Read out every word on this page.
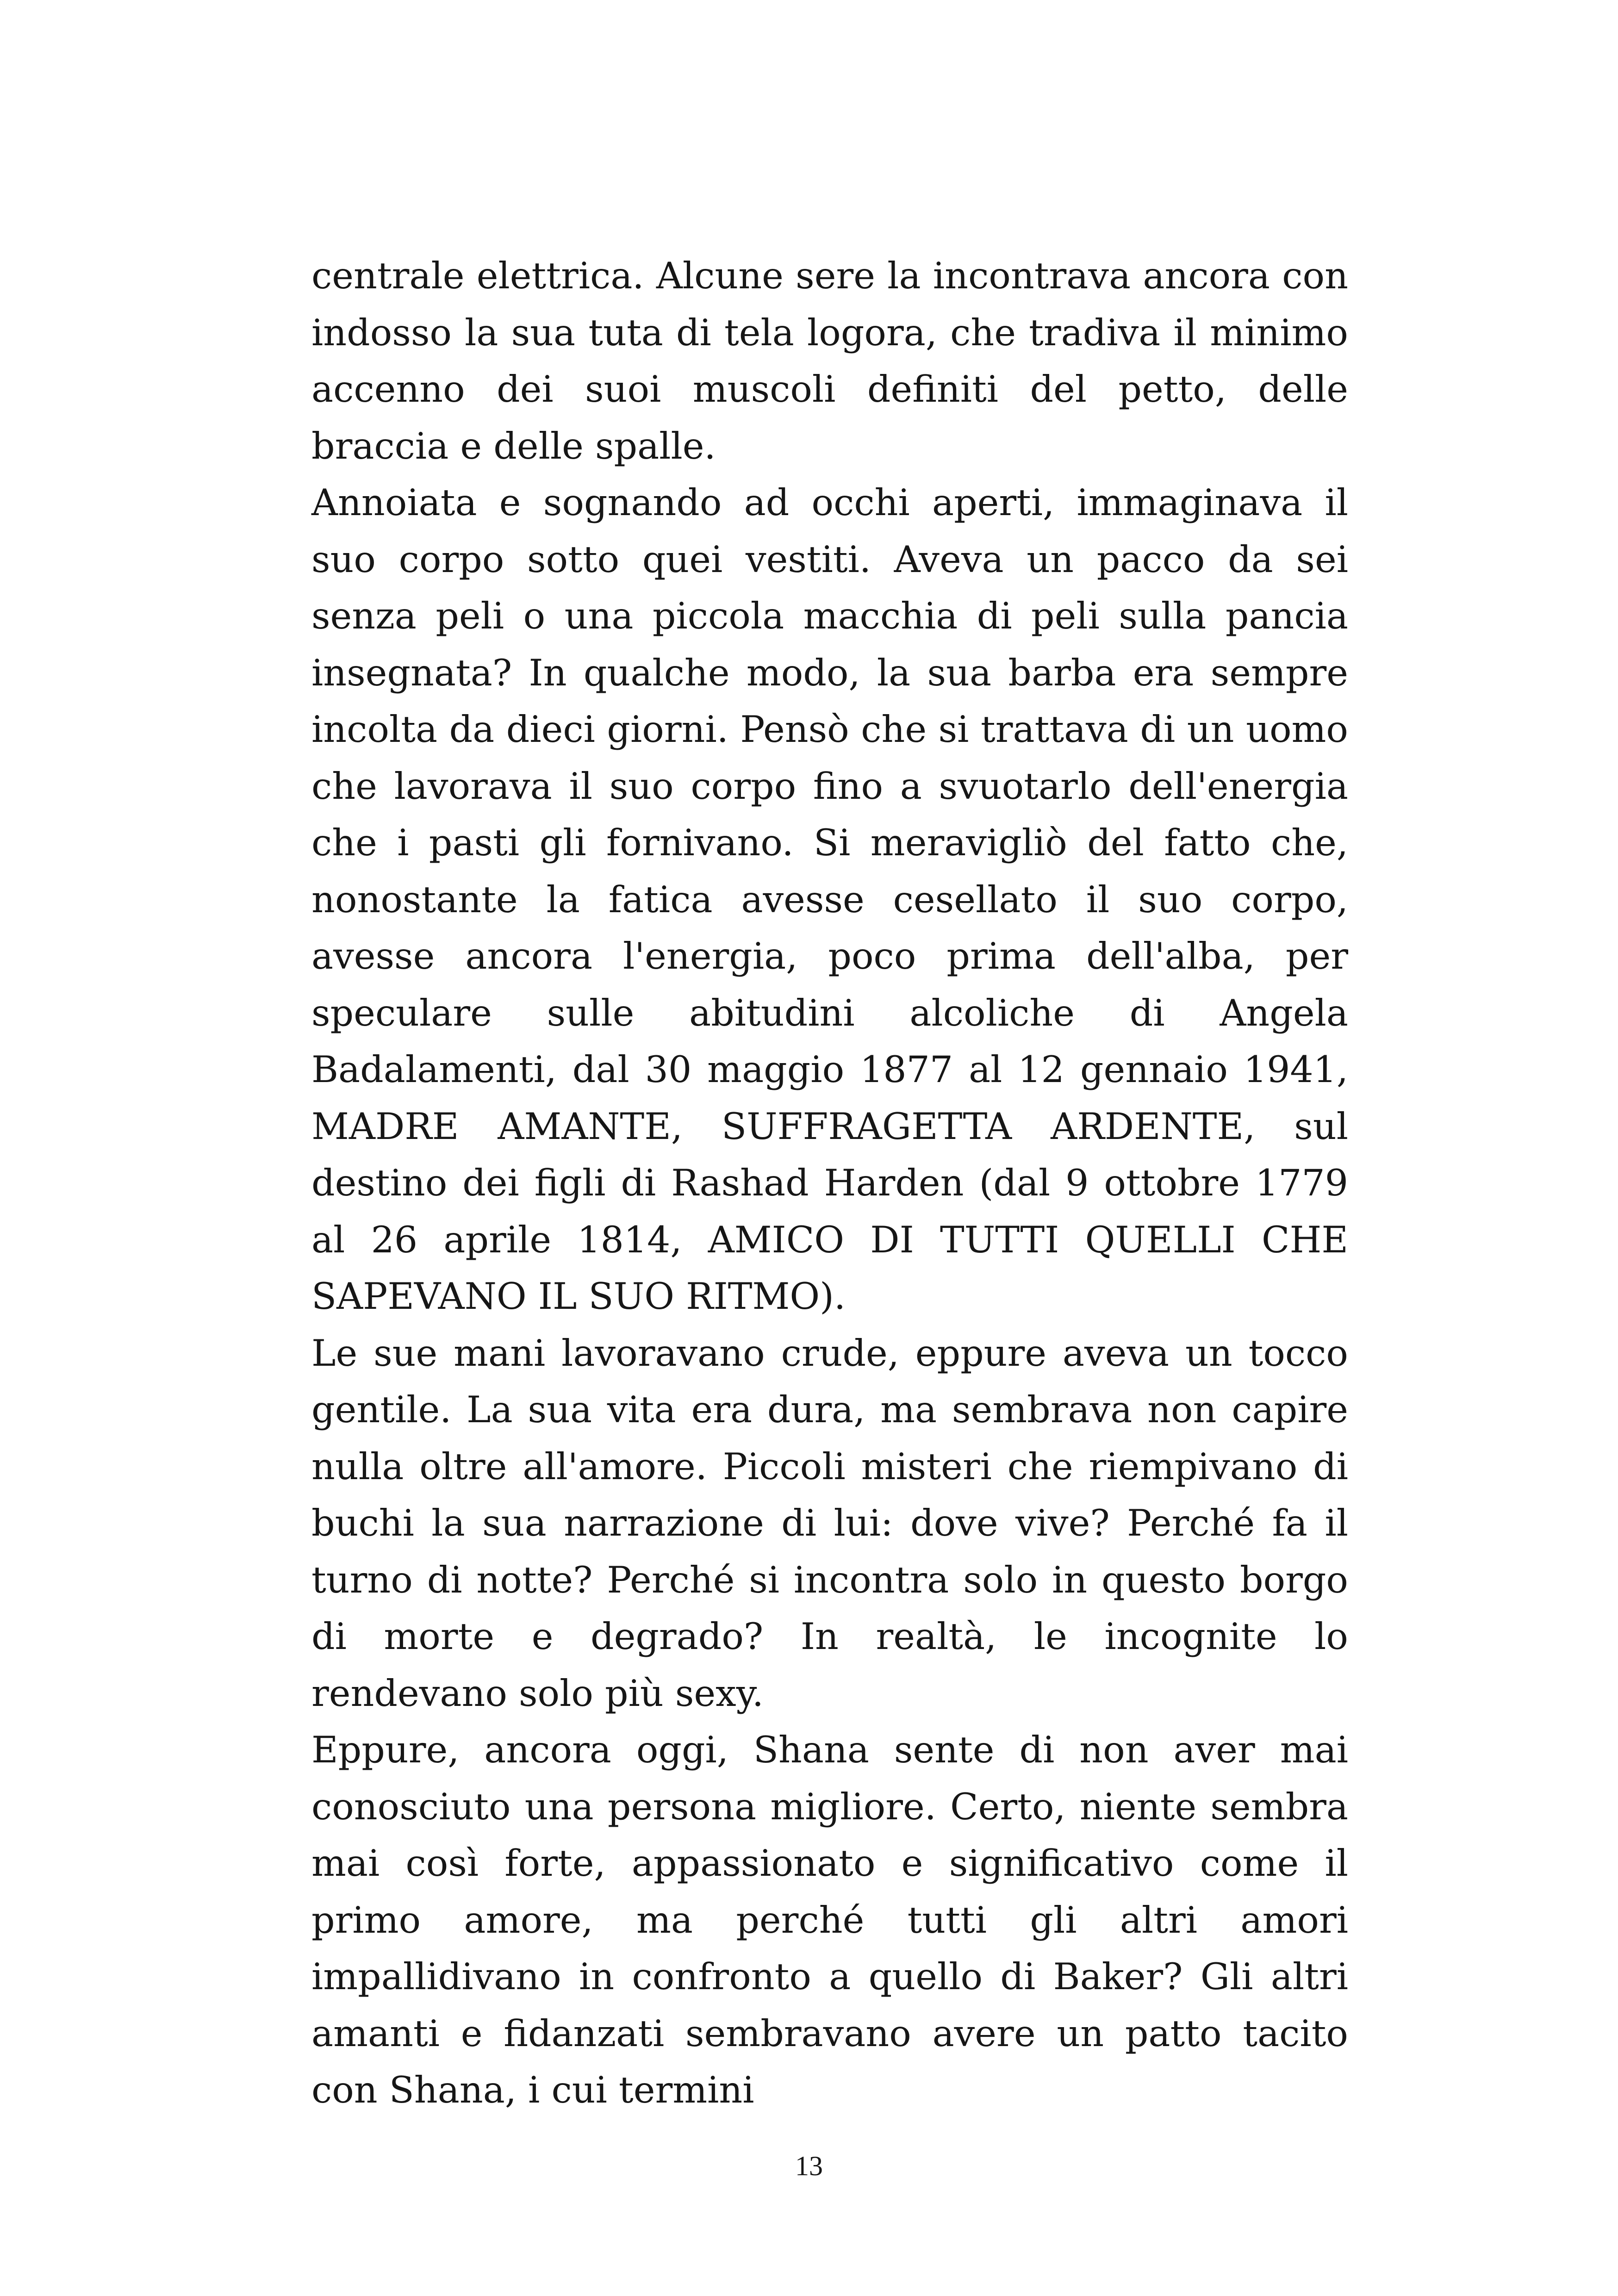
centrale elettrica. Alcune sere la incontrava ancora con indosso la sua tuta di tela logora, che tradiva il minimo accenno dei suoi muscoli definiti del petto, delle braccia e delle spalle.

Annoiata e sognando ad occhi aperti, immaginava il suo corpo sotto quei vestiti. Aveva un pacco da sei senza peli o una piccola macchia di peli sulla pancia insegnata? In qualche modo, la sua barba era sempre incolta da dieci giorni. Pensò che si trattava di un uomo che lavorava il suo corpo fino a svuotarlo dell'energia che i pasti gli fornivano. Si meravigliò del fatto che, nonostante la fatica avesse cesellato il suo corpo, avesse ancora l'energia, poco prima dell'alba, per speculare sulle abitudini alcoliche di Angela Badalamenti, dal 30 maggio 1877 al 12 gennaio 1941, MADRE AMANTE, SUFFRAGETTA ARDENTE, sul destino dei figli di Rashad Harden (dal 9 ottobre 1779 al 26 aprile 1814, AMICO DI TUTTI QUELLI CHE SAPEVANO IL SUO RITMO).

Le sue mani lavoravano crude, eppure aveva un tocco gentile. La sua vita era dura, ma sembrava non capire nulla oltre all'amore. Piccoli misteri che riempivano di buchi la sua narrazione di lui: dove vive? Perché fa il turno di notte? Perché si incontra solo in questo borgo di morte e degrado? In realtà, le incognite lo rendevano solo più sexy.

Eppure, ancora oggi, Shana sente di non aver mai conosciuto una persona migliore. Certo, niente sembra mai così forte, appassionato e significativo come il primo amore, ma perché tutti gli altri amori impallidivano in confronto a quello di Baker? Gli altri amanti e fidanzati sembravano avere un patto tacito con Shana, i cui termini

13
